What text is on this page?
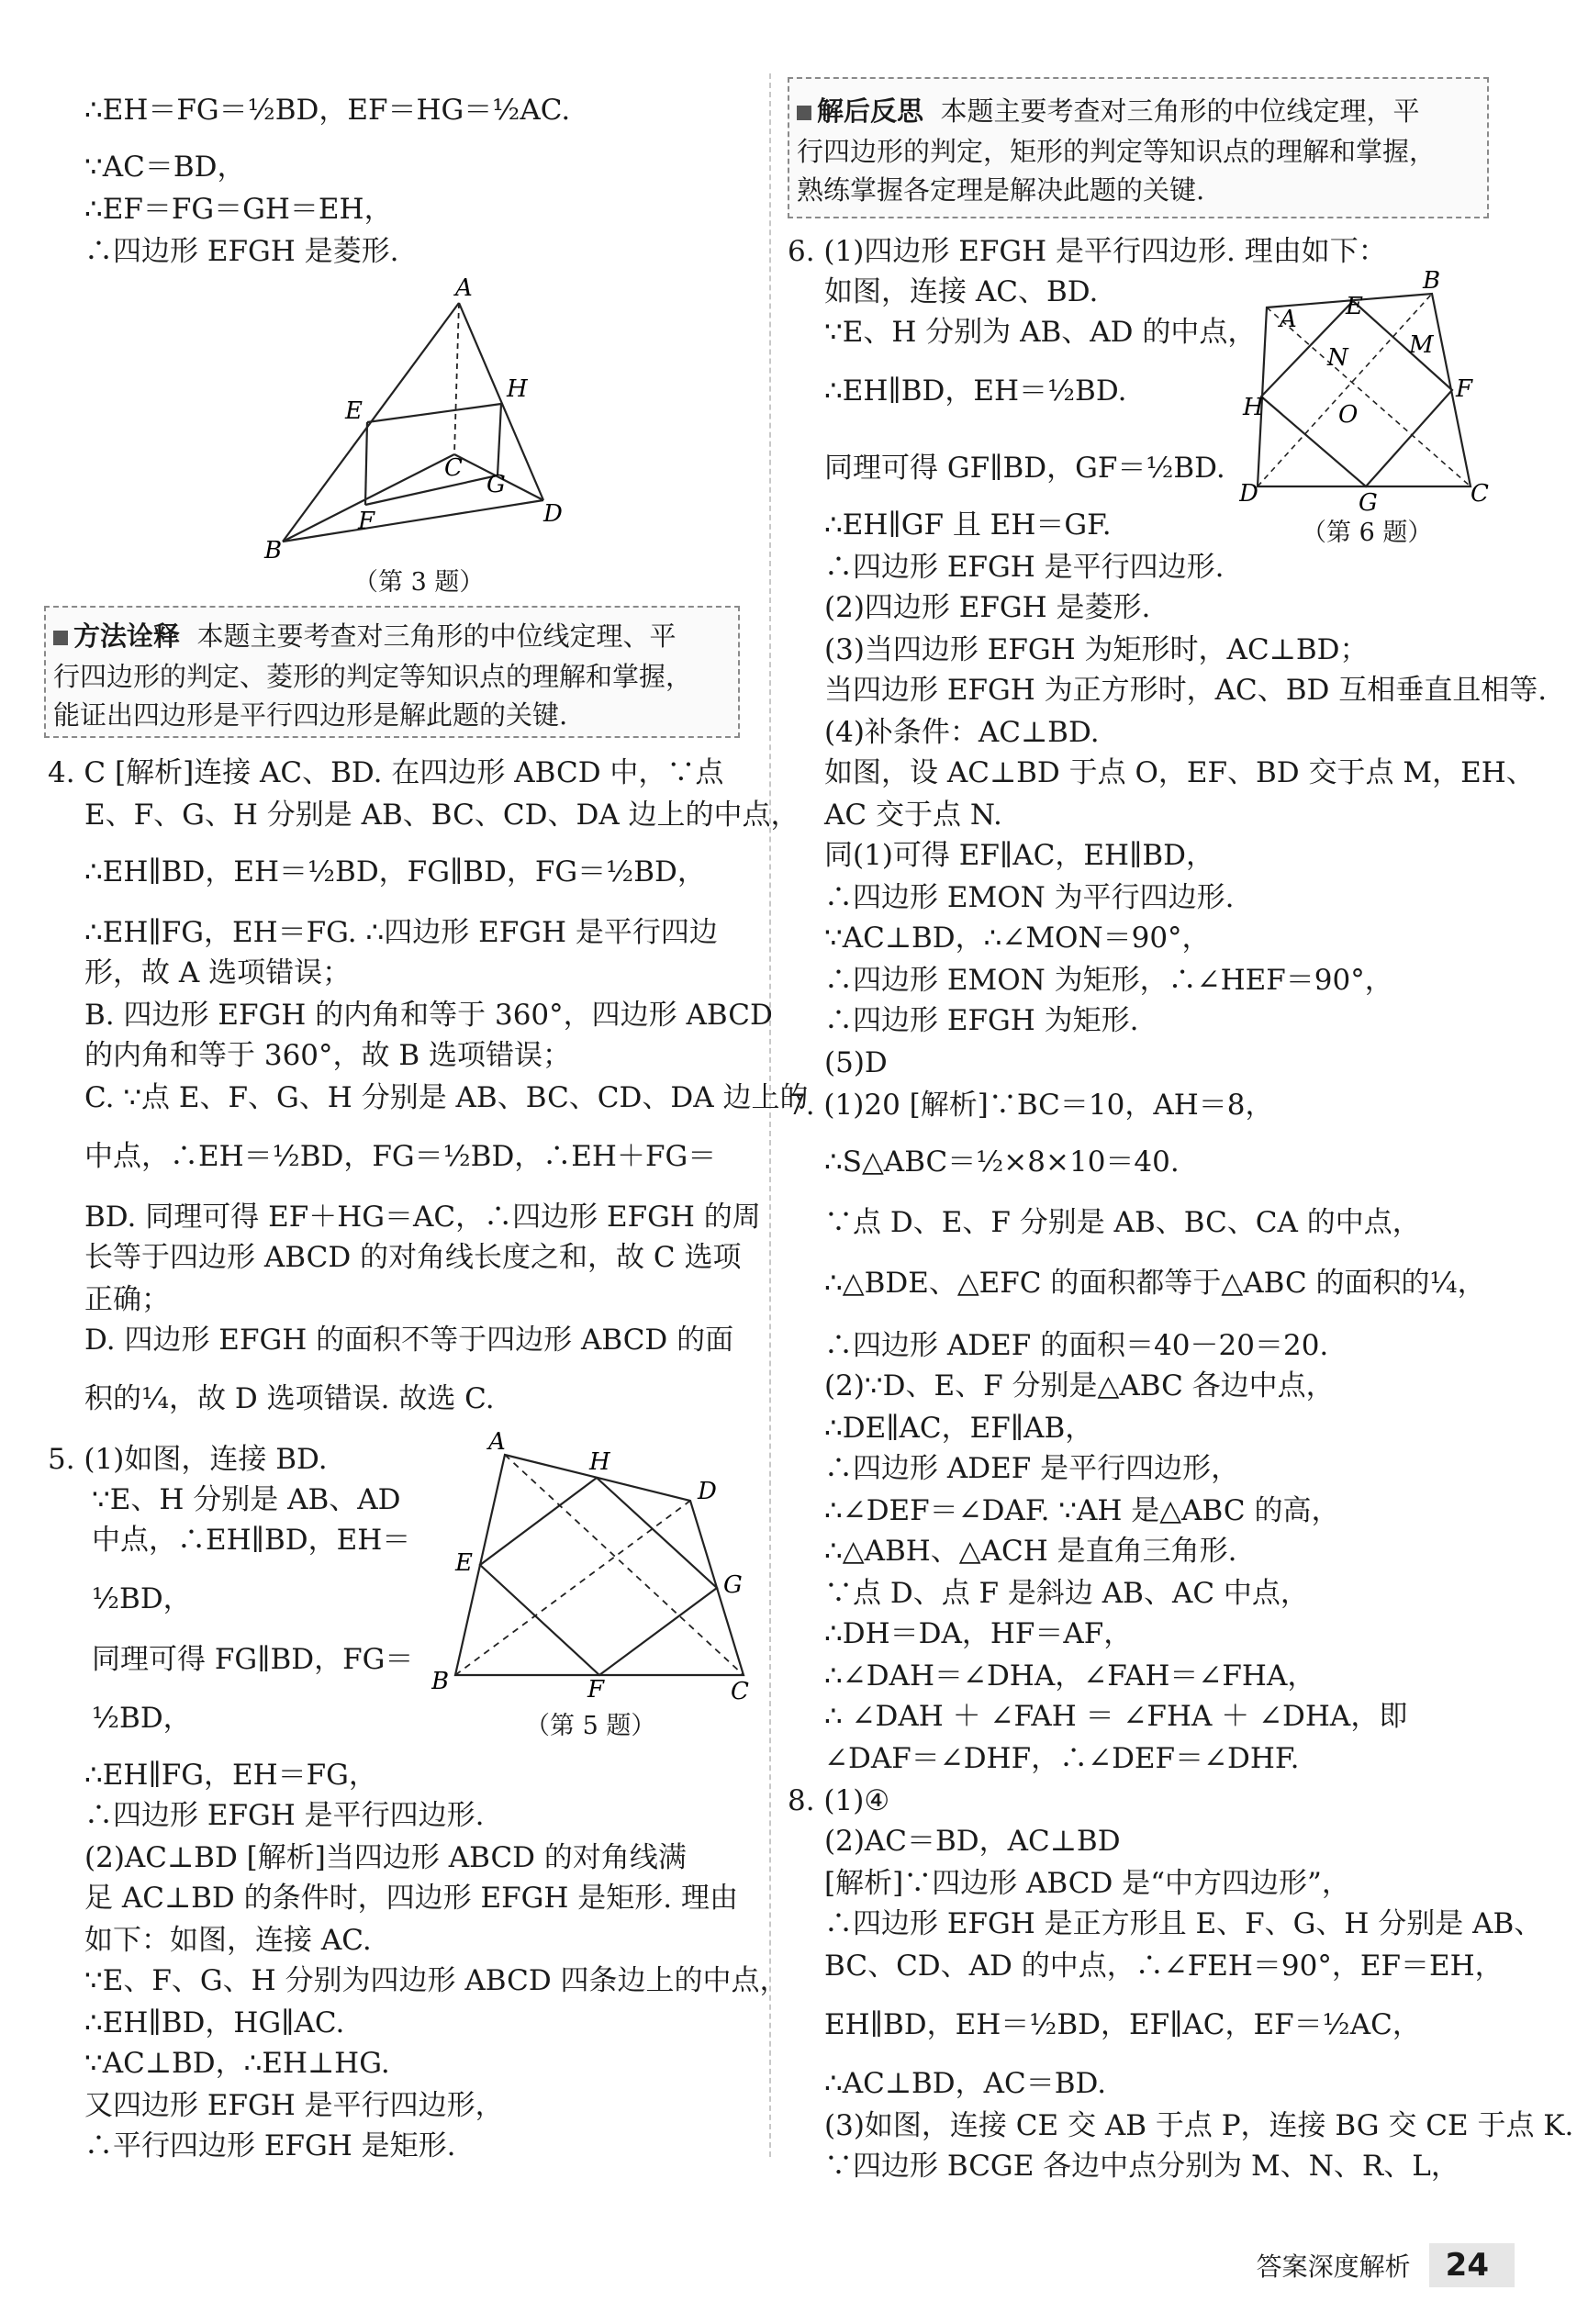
∴EH＝FG＝½BD，EF＝HG＝½AC.
∵AC＝BD，
∴EF＝FG＝GH＝EH，
∴四边形 EFGH 是菱形.
A
E
H
C
G
F	D
B
（第 3 题）
方法诠释 本题主要考查对三角形的中位线定理、平
行四边形的判定、菱形的判定等知识点的理解和掌握，
能证出四边形是平行四边形是解此题的关键.
4. C [解析]连接 AC、BD. 在四边形 ABCD 中，∵点
E、F、G、H 分别是 AB、BC、CD、DA 边上的中点，
∴EH∥BD，EH＝½BD，FG∥BD，FG＝½BD，
∴EH∥FG，EH＝FG. ∴四边形 EFGH 是平行四边
形，故 A 选项错误；
B. 四边形 EFGH 的内角和等于 360°，四边形 ABCD
的内角和等于 360°，故 B 选项错误；
C. ∵点 E、F、G、H 分别是 AB、BC、CD、DA 边上的
中点，∴EH＝½BD，FG＝½BD，∴EH＋FG＝
BD. 同理可得 EF＋HG＝AC，∴四边形 EFGH 的周
长等于四边形 ABCD 的对角线长度之和，故 C 选项
正确；
D. 四边形 EFGH 的面积不等于四边形 ABCD 的面
积的¼，故 D 选项错误. 故选 C.
5. (1)如图，连接 BD.
∵E、H 分别是 AB、AD
中点，∴EH∥BD，EH＝
½BD，
同理可得 FG∥BD，FG＝
½BD，
A
H
D
E
G
B	F	C
（第 5 题）
∴EH∥FG，EH＝FG，
∴四边形 EFGH 是平行四边形.
(2)AC⊥BD [解析]当四边形 ABCD 的对角线满
足 AC⊥BD 的条件时，四边形 EFGH 是矩形. 理由
如下：如图，连接 AC.
∵E、F、G、H 分别为四边形 ABCD 四条边上的中点，
∴EH∥BD，HG∥AC.
∵AC⊥BD，∴EH⊥HG.
又四边形 EFGH 是平行四边形，
∴平行四边形 EFGH 是矩形.
解后反思 本题主要考查对三角形的中位线定理，平
行四边形的判定，矩形的判定等知识点的理解和掌握，
熟练掌握各定理是解决此题的关键.
6. (1)四边形 EFGH 是平行四边形. 理由如下：
如图，连接 AC、BD.
∵E、H 分别为 AB、AD 的中点，
∴EH∥BD，EH＝½BD.
同理可得 GF∥BD，GF＝½BD.
A E
B
N	M
H	O
F
D	G	C
（第 6 题）
∴EH∥GF 且 EH＝GF.
∴四边形 EFGH 是平行四边形.
(2)四边形 EFGH 是菱形.
(3)当四边形 EFGH 为矩形时，AC⊥BD；
当四边形 EFGH 为正方形时，AC、BD 互相垂直且相等.
(4)补条件：AC⊥BD.
如图，设 AC⊥BD 于点 O，EF、BD 交于点 M，EH、
AC 交于点 N.
同(1)可得 EF∥AC，EH∥BD，
∴四边形 EMON 为平行四边形.
∵AC⊥BD，∴∠MON＝90°，
∴四边形 EMON 为矩形，∴∠HEF＝90°，
∴四边形 EFGH 为矩形.
(5)D
7. (1)20 [解析]∵BC＝10，AH＝8，
∴S△ABC＝½×8×10＝40.
∵点 D、E、F 分别是 AB、BC、CA 的中点，
∴△BDE、△EFC 的面积都等于△ABC 的面积的¼，
∴四边形 ADEF 的面积＝40－20＝20.
(2)∵D、E、F 分别是△ABC 各边中点，
∴DE∥AC，EF∥AB，
∴四边形 ADEF 是平行四边形，
∴∠DEF＝∠DAF. ∵AH 是△ABC 的高，
∴△ABH、△ACH 是直角三角形.
∵点 D、点 F 是斜边 AB、AC 中点，
∴DH＝DA，HF＝AF，
∴∠DAH＝∠DHA，∠FAH＝∠FHA，
∴ ∠DAH ＋ ∠FAH ＝ ∠FHA ＋ ∠DHA，即
∠DAF＝∠DHF，∴∠DEF＝∠DHF.
8. (1)④
(2)AC＝BD，AC⊥BD
[解析]∵四边形 ABCD 是“中方四边形”，
∴四边形 EFGH 是正方形且 E、F、G、H 分别是 AB、
BC、CD、AD 的中点，∴∠FEH＝90°，EF＝EH，
EH∥BD，EH＝½BD，EF∥AC，EF＝½AC，
∴AC⊥BD，AC＝BD.
(3)如图，连接 CE 交 AB 于点 P，连接 BG 交 CE 于点 K.
∵四边形 BCGE 各边中点分别为 M、N、R、L，
答案深度解析 24
